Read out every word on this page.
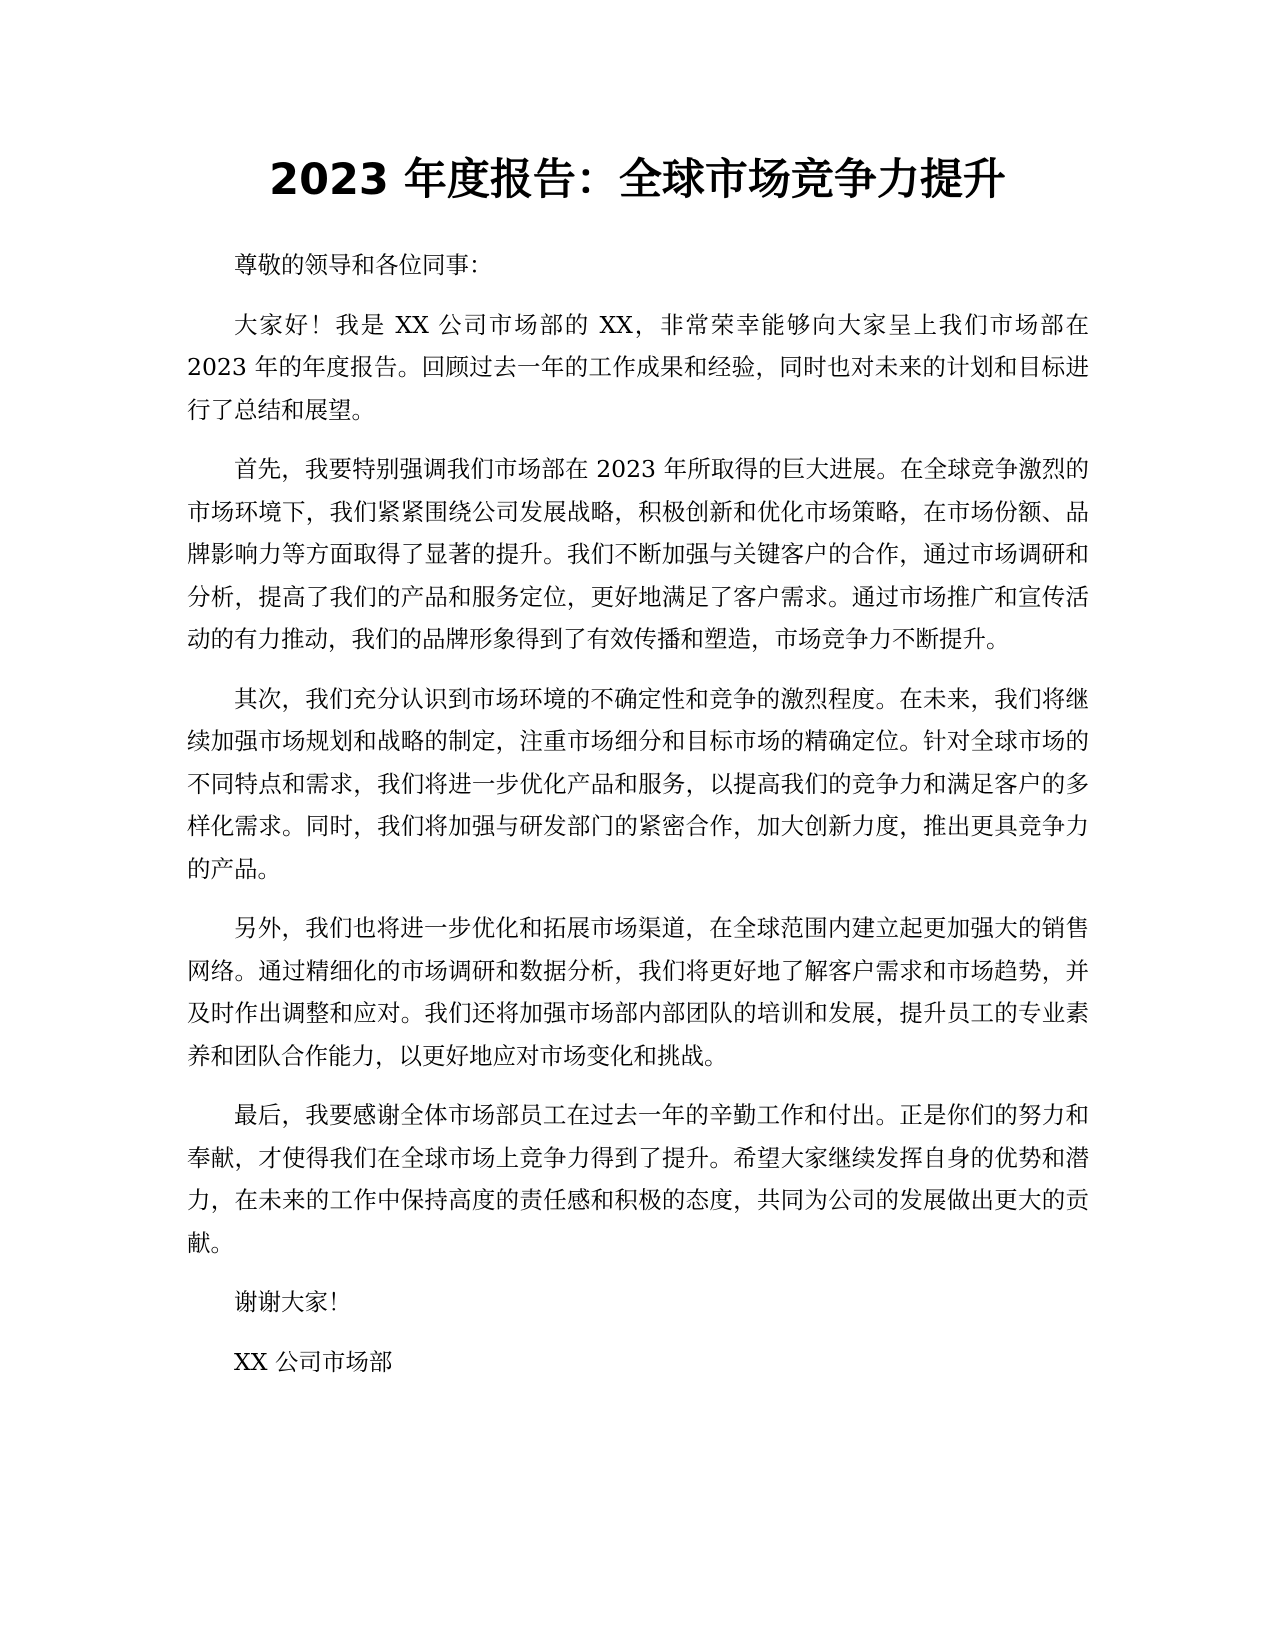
2023 年度报告：全球市场竞争力提升

尊敬的领导和各位同事：

大家好！我是 XX 公司市场部的 XX，非常荣幸能够向大家呈上我们市场部在 2023 年的年度报告。回顾过去一年的工作成果和经验，同时也对未来的计划和目标进行了总结和展望。

首先，我要特别强调我们市场部在 2023 年所取得的巨大进展。在全球竞争激烈的市场环境下，我们紧紧围绕公司发展战略，积极创新和优化市场策略，在市场份额、品牌影响力等方面取得了显著的提升。我们不断加强与关键客户的合作，通过市场调研和分析，提高了我们的产品和服务定位，更好地满足了客户需求。通过市场推广和宣传活动的有力推动，我们的品牌形象得到了有效传播和塑造，市场竞争力不断提升。

其次，我们充分认识到市场环境的不确定性和竞争的激烈程度。在未来，我们将继续加强市场规划和战略的制定，注重市场细分和目标市场的精确定位。针对全球市场的不同特点和需求，我们将进一步优化产品和服务，以提高我们的竞争力和满足客户的多样化需求。同时，我们将加强与研发部门的紧密合作，加大创新力度，推出更具竞争力的产品。

另外，我们也将进一步优化和拓展市场渠道，在全球范围内建立起更加强大的销售网络。通过精细化的市场调研和数据分析，我们将更好地了解客户需求和市场趋势，并及时作出调整和应对。我们还将加强市场部内部团队的培训和发展，提升员工的专业素养和团队合作能力，以更好地应对市场变化和挑战。

最后，我要感谢全体市场部员工在过去一年的辛勤工作和付出。正是你们的努力和奉献，才使得我们在全球市场上竞争力得到了提升。希望大家继续发挥自身的优势和潜力，在未来的工作中保持高度的责任感和积极的态度，共同为公司的发展做出更大的贡献。

谢谢大家！

XX 公司市场部
